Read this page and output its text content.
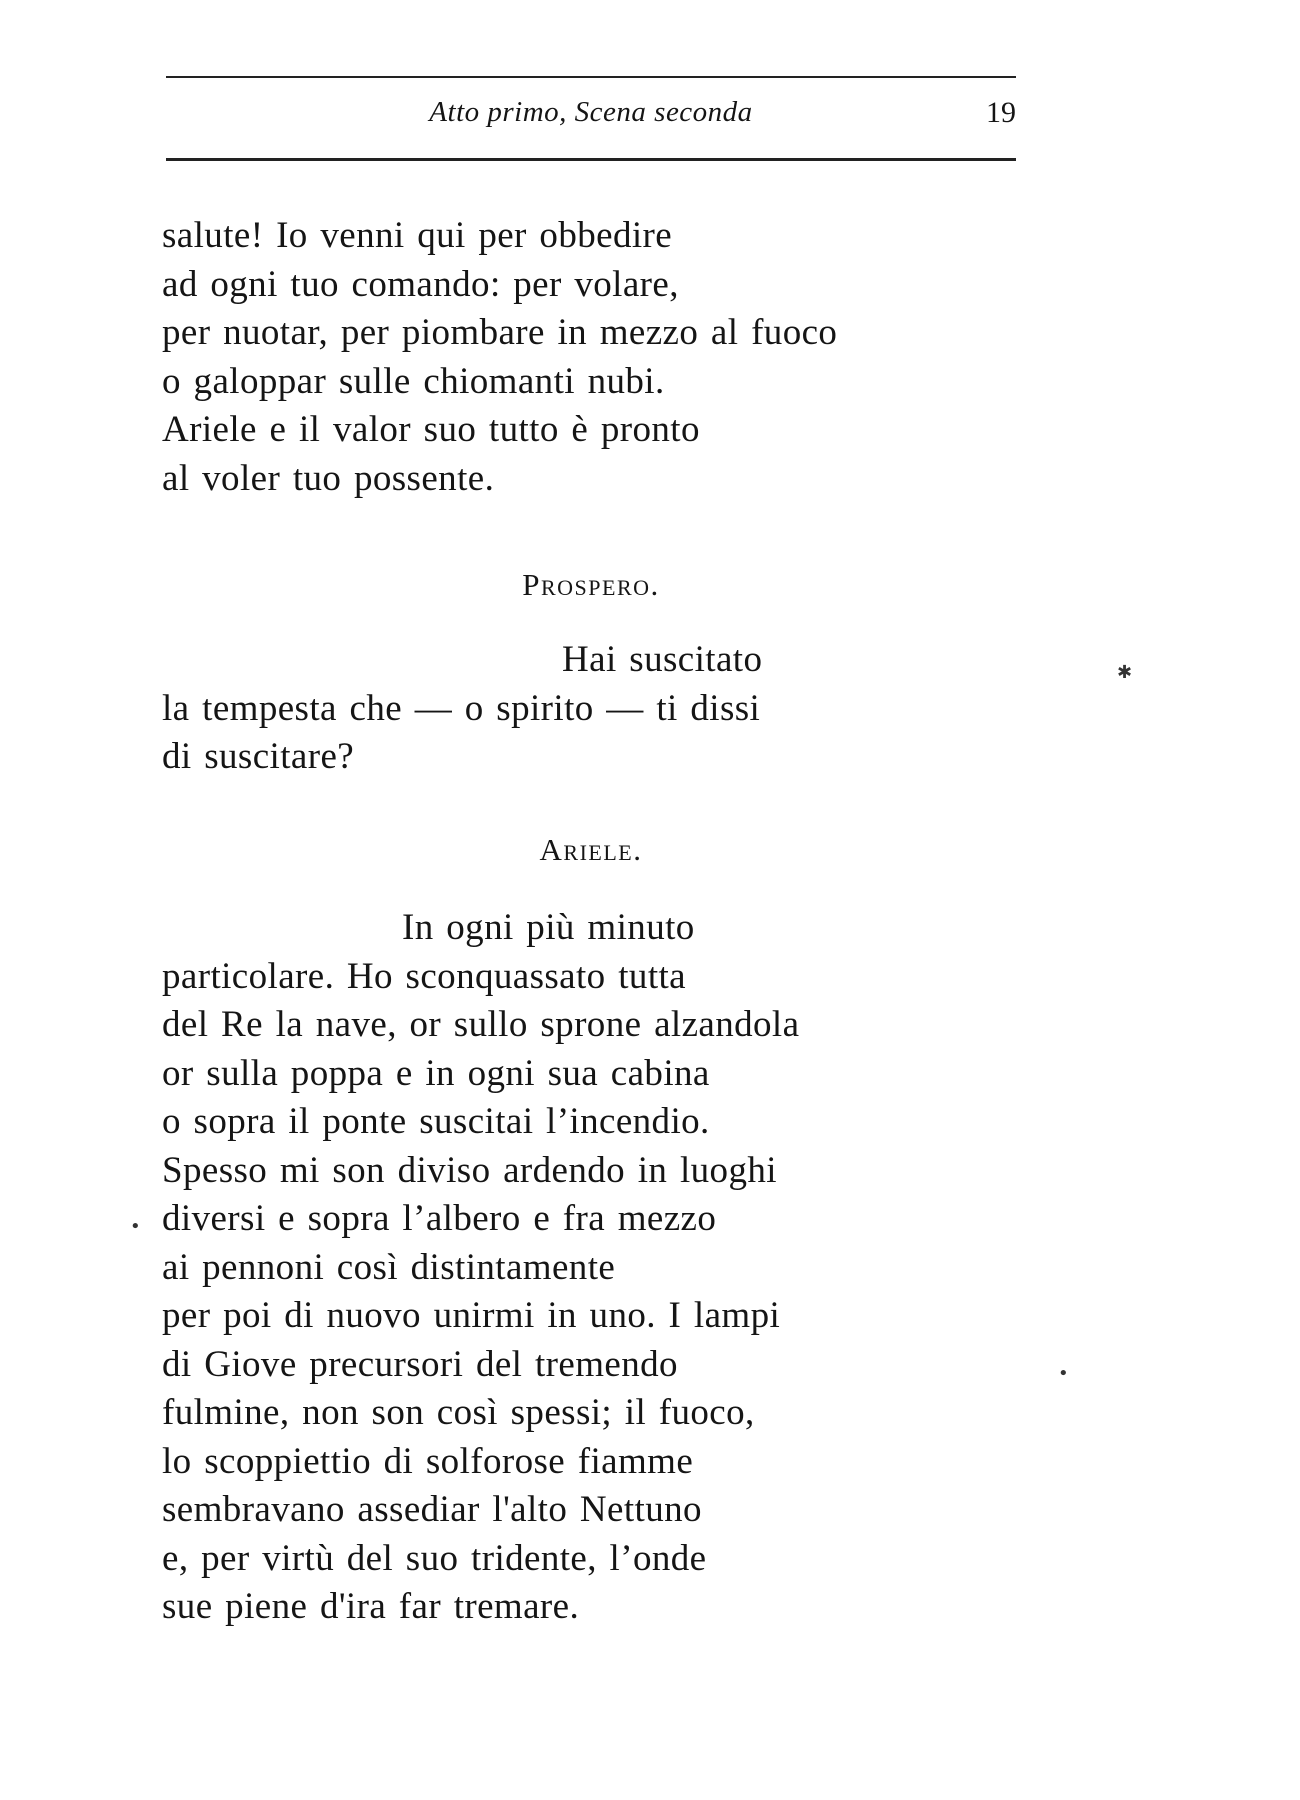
Atto primo, Scena seconda	19
salute! Io venni qui per obbedire
ad ogni tuo comando: per volare,
per nuotar, per piombare in mezzo al fuoco
o galoppar sulle chiomanti nubi.
Ariele e il valor suo tutto è pronto
al voler tuo possente.
Prospero.
Hai suscitato
la tempesta che — o spirito — ti dissi
di suscitare?
Ariele.
In ogni più minuto
particolare. Ho sconquassato tutta
del Re la nave, or sullo sprone alzandola
or sulla poppa e in ogni sua cabina
o sopra il ponte suscitai l’incendio.
Spesso mi son diviso ardendo in luoghi
diversi e sopra l’albero e fra mezzo
ai pennoni così distintamente
per poi di nuovo unirmi in uno. I lampi
di Giove precursori del tremendo
fulmine, non son così spessi; il fuoco,
lo scoppiettio di solforose fiamme
sembravano assediar l'alto Nettuno
e, per virtù del suo tridente, l’onde
sue piene d'ira far tremare.
✱
•
•
